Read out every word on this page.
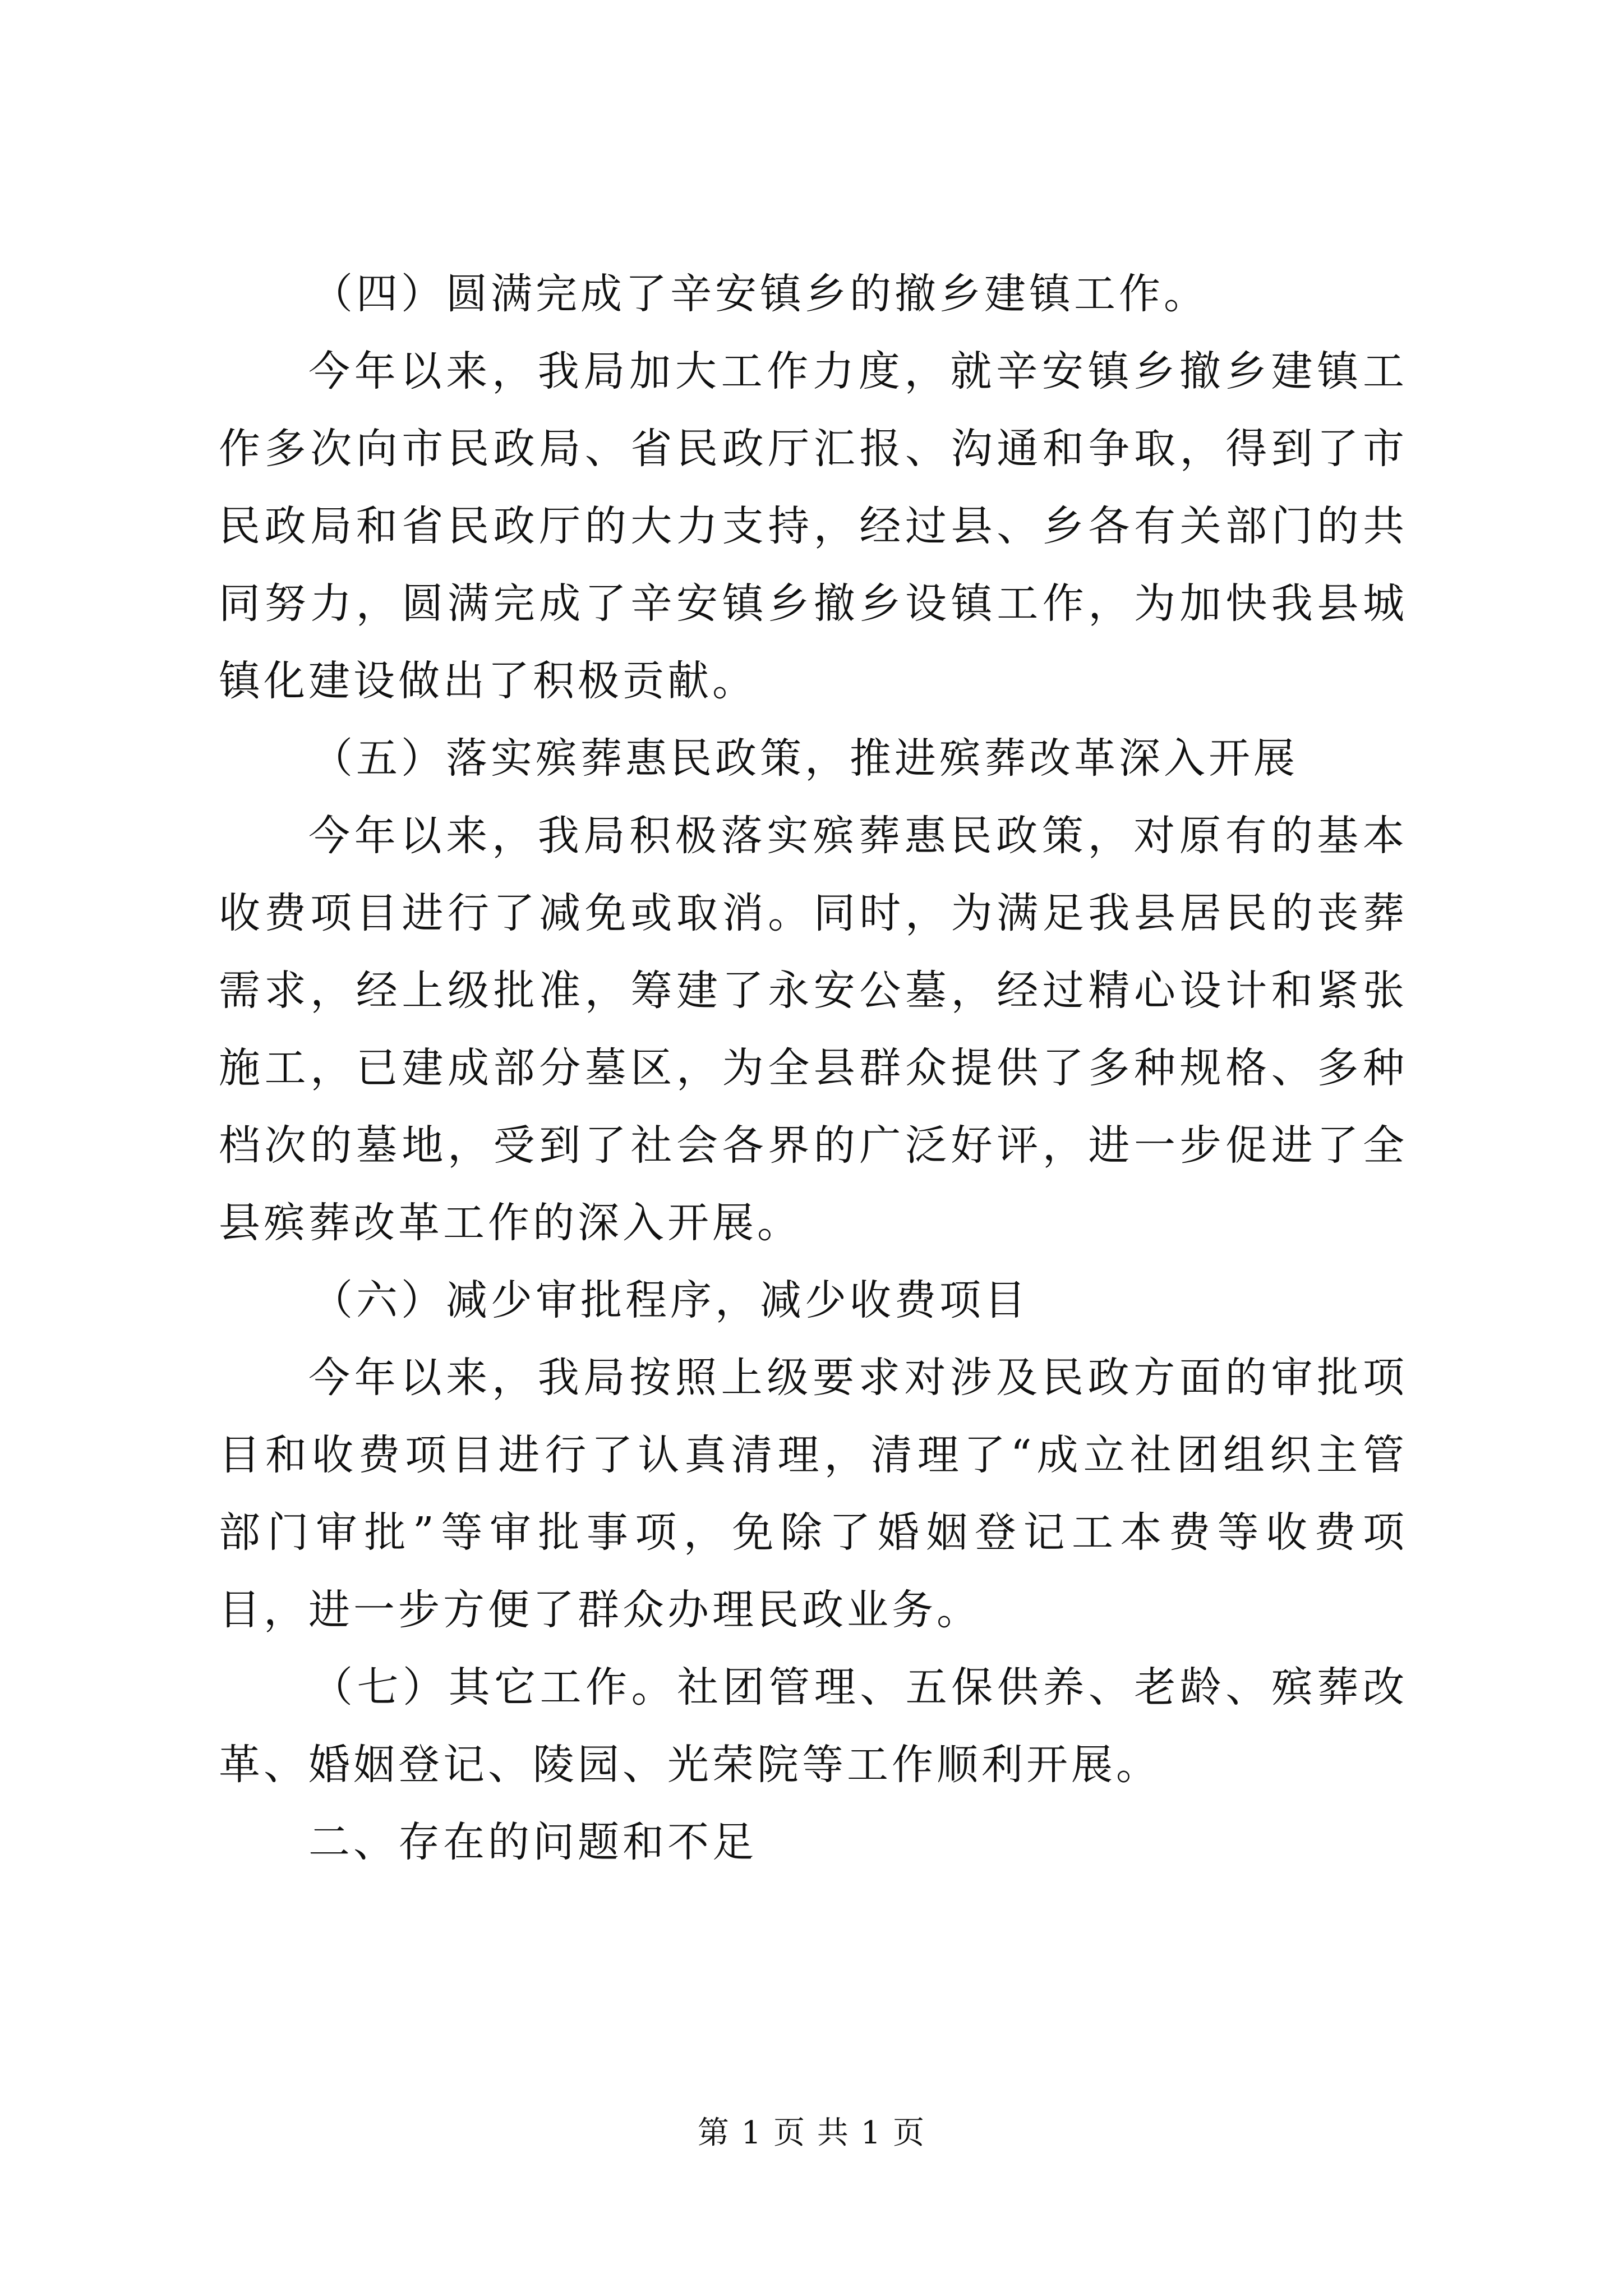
（四）圆满完成了辛安镇乡的撤乡建镇工作。

今年以来，我局加大工作力度，就辛安镇乡撤乡建镇工作多次向市民政局、省民政厅汇报、沟通和争取，得到了市民政局和省民政厅的大力支持，经过县、乡各有关部门的共同努力，圆满完成了辛安镇乡撤乡设镇工作，为加快我县城镇化建设做出了积极贡献。

（五）落实殡葬惠民政策，推进殡葬改革深入开展

今年以来，我局积极落实殡葬惠民政策，对原有的基本收费项目进行了减免或取消。同时，为满足我县居民的丧葬需求，经上级批准，筹建了永安公墓，经过精心设计和紧张施工，已建成部分墓区，为全县群众提供了多种规格、多种档次的墓地，受到了社会各界的广泛好评，进一步促进了全县殡葬改革工作的深入开展。

（六）减少审批程序，减少收费项目

今年以来，我局按照上级要求对涉及民政方面的审批项目和收费项目进行了认真清理，清理了“成立社团组织主管部门审批”等审批事项，免除了婚姻登记工本费等收费项目，进一步方便了群众办理民政业务。

（七）其它工作。社团管理、五保供养、老龄、殡葬改革、婚姻登记、陵园、光荣院等工作顺利开展。

二、存在的问题和不足

第 1 页 共 1 页
